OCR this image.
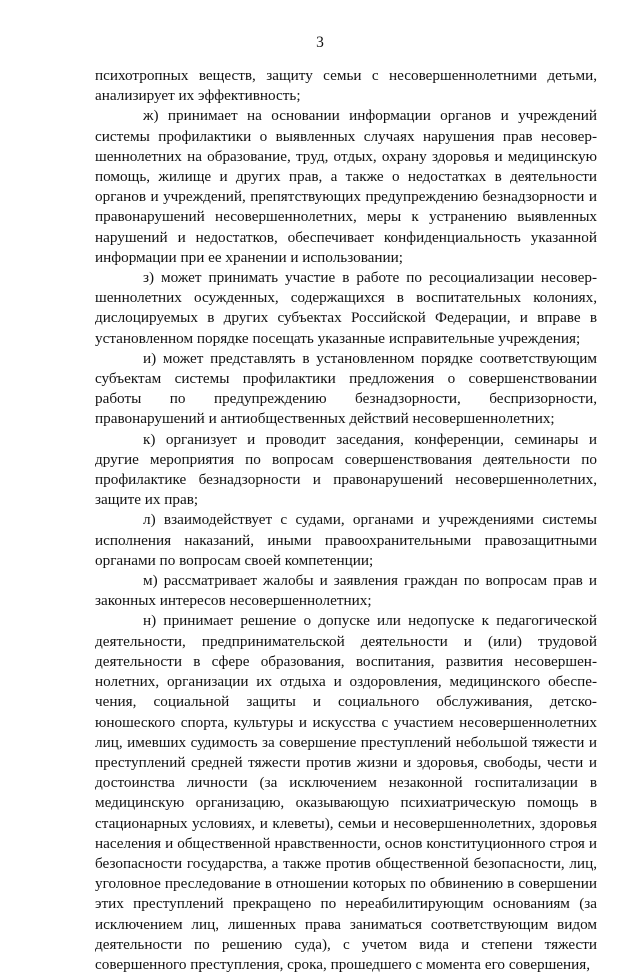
3

психотропных веществ, защиту семьи с несовершеннолетними детьми, анализирует их эффективность;

ж) принимает на основании информации органов и учреждений системы профилактики о выявленных случаях нарушения прав несовершеннолетних на образование, труд, отдых, охрану здоровья и медицинскую помощь, жилище и других прав, а также о недостатках в деятельности органов и учреждений, препятствующих предупреждению безнадзорности и правонарушений несовершеннолетних, меры к устранению выявленных нарушений и недостатков, обеспечивает конфиденциальность указанной информации при ее хранении и использовании;

з) может принимать участие в работе по ресоциализации несовершеннолетних осужденных, содержащихся в воспитательных колониях, дислоцируемых в других субъектах Российской Федерации, и вправе в установленном порядке посещать указанные исправительные учреждения;

и) может представлять в установленном порядке соответствующим субъектам системы профилактики предложения о совершенствовании работы по предупреждению безнадзорности, беспризорности, правонарушений и антиобщественных действий несовершеннолетних;

к) организует и проводит заседания, конференции, семинары и другие мероприятия по вопросам совершенствования деятельности по профилактике безнадзорности и правонарушений несовершеннолетних, защите их прав;

л) взаимодействует с судами, органами и учреждениями системы исполнения наказаний, иными правоохранительными правозащитными органами по вопросам своей компетенции;

м) рассматривает жалобы и заявления граждан по вопросам прав и законных интересов несовершеннолетних;

н) принимает решение о допуске или недопуске к педагогической деятельности, предпринимательской деятельности и (или) трудовой деятельности в сфере образования, воспитания, развития несовершеннолетних, организации их отдыха и оздоровления, медицинского обеспечения, социальной защиты и социального обслуживания, детско-юношеского спорта, культуры и искусства с участием несовершеннолетних лиц, имевших судимость за совершение преступлений небольшой тяжести и преступлений средней тяжести против жизни и здоровья, свободы, чести и достоинства личности (за исключением незаконной госпитализации в медицинскую организацию, оказывающую психиатрическую помощь в стационарных условиях, и клеветы), семьи и несовершеннолетних, здоровья населения и общественной нравственности, основ конституционного строя и безопасности государства, а также против общественной безопасности, лиц, уголовное преследование в отношении которых по обвинению в совершении этих преступлений прекращено по нереабилитирующим основаниям (за исключением лиц, лишенных права заниматься соответствующим видом деятельности по решению суда), с учетом вида и степени тяжести совершенного преступления, срока, прошедшего с момента его совершения,
